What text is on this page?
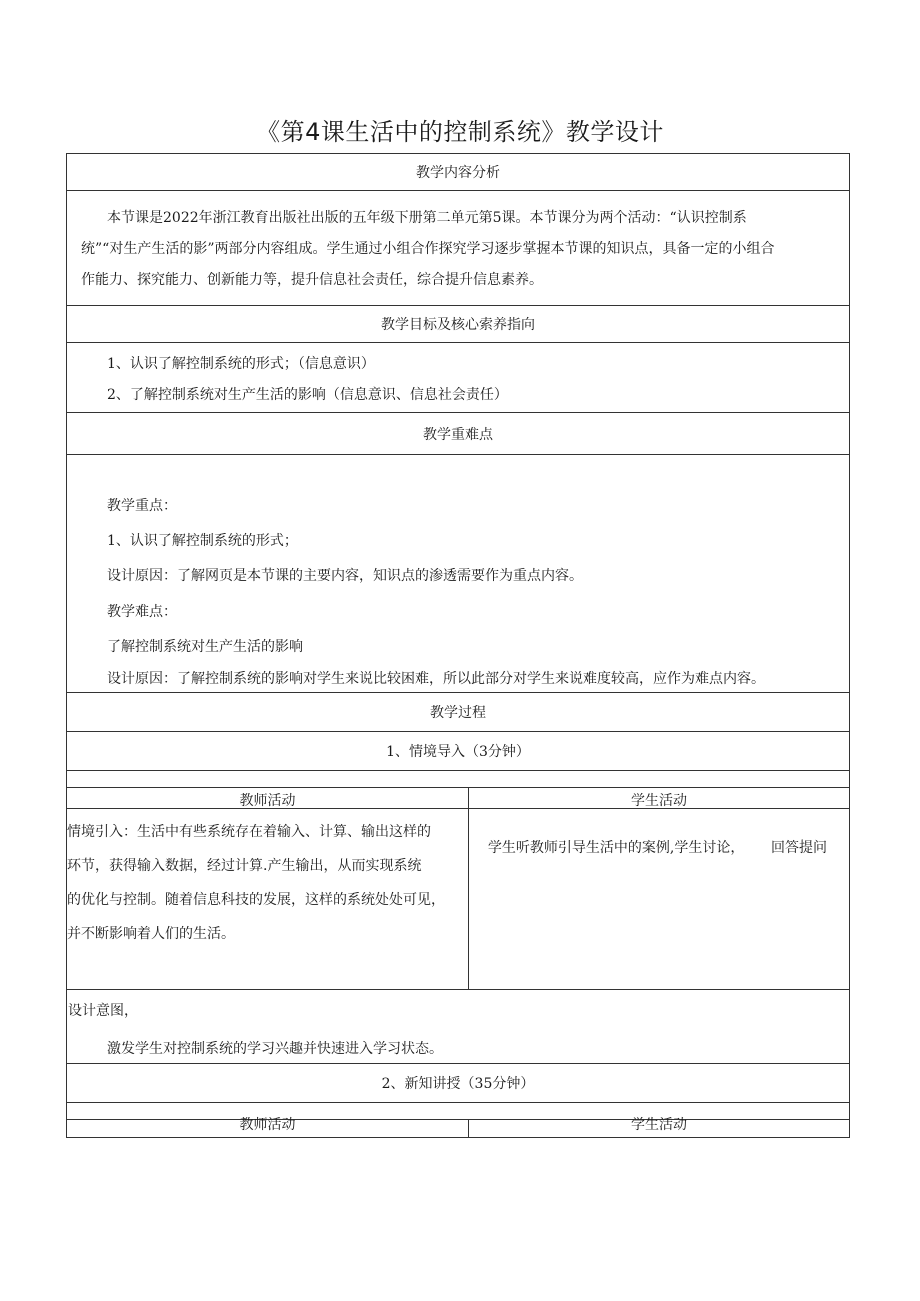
《第4课生活中的控制系统》教学设计
教学内容分析

本节课是2022年浙江教育出版社出版的五年级下册第二单元第5课。本节课分为两个活动：“认识控制系

统”“对生产生活的影”两部分内容组成。学生通过小组合作探究学习逐步掌握本节课的知识点，具备一定的小组合

作能力、探究能力、创新能力等，提升信息社会责任，综合提升信息素养。

教学目标及核心索养指向

1、认识了解控制系统的形式；（信息意识）

2、了解控制系统对生产生活的影响（信息意识、信息社会责任）

教学重难点

教学重点：

1、认识了解控制系统的形式；

设计原因：了解网页是本节课的主要内容，知识点的渗透需要作为重点内容。

教学难点：

了解控制系统对生产生活的影响

设计原因：了解控制系统的影响对学生来说比较困难，所以此部分对学生来说难度较高，应作为难点内容。

教学过程
1、情境导入（3分钟）
教师活动	学生活动

情境引入：生活中有些系统存在着输入、计算、输出这样的

环节，获得输入数据，经过计算.产生输出，从而实现系统

的优化与控制。随着信息科技的发展，这样的系统处处可见，

并不断影响着人们的生活。

学生听教师引导生活中的案例,学生讨论，      回答提问

设计意图，

激发学生对控制系统的学习兴趣并快速进入学习状态。

2、新知讲授（35分钟）
教师活动	学生活动
